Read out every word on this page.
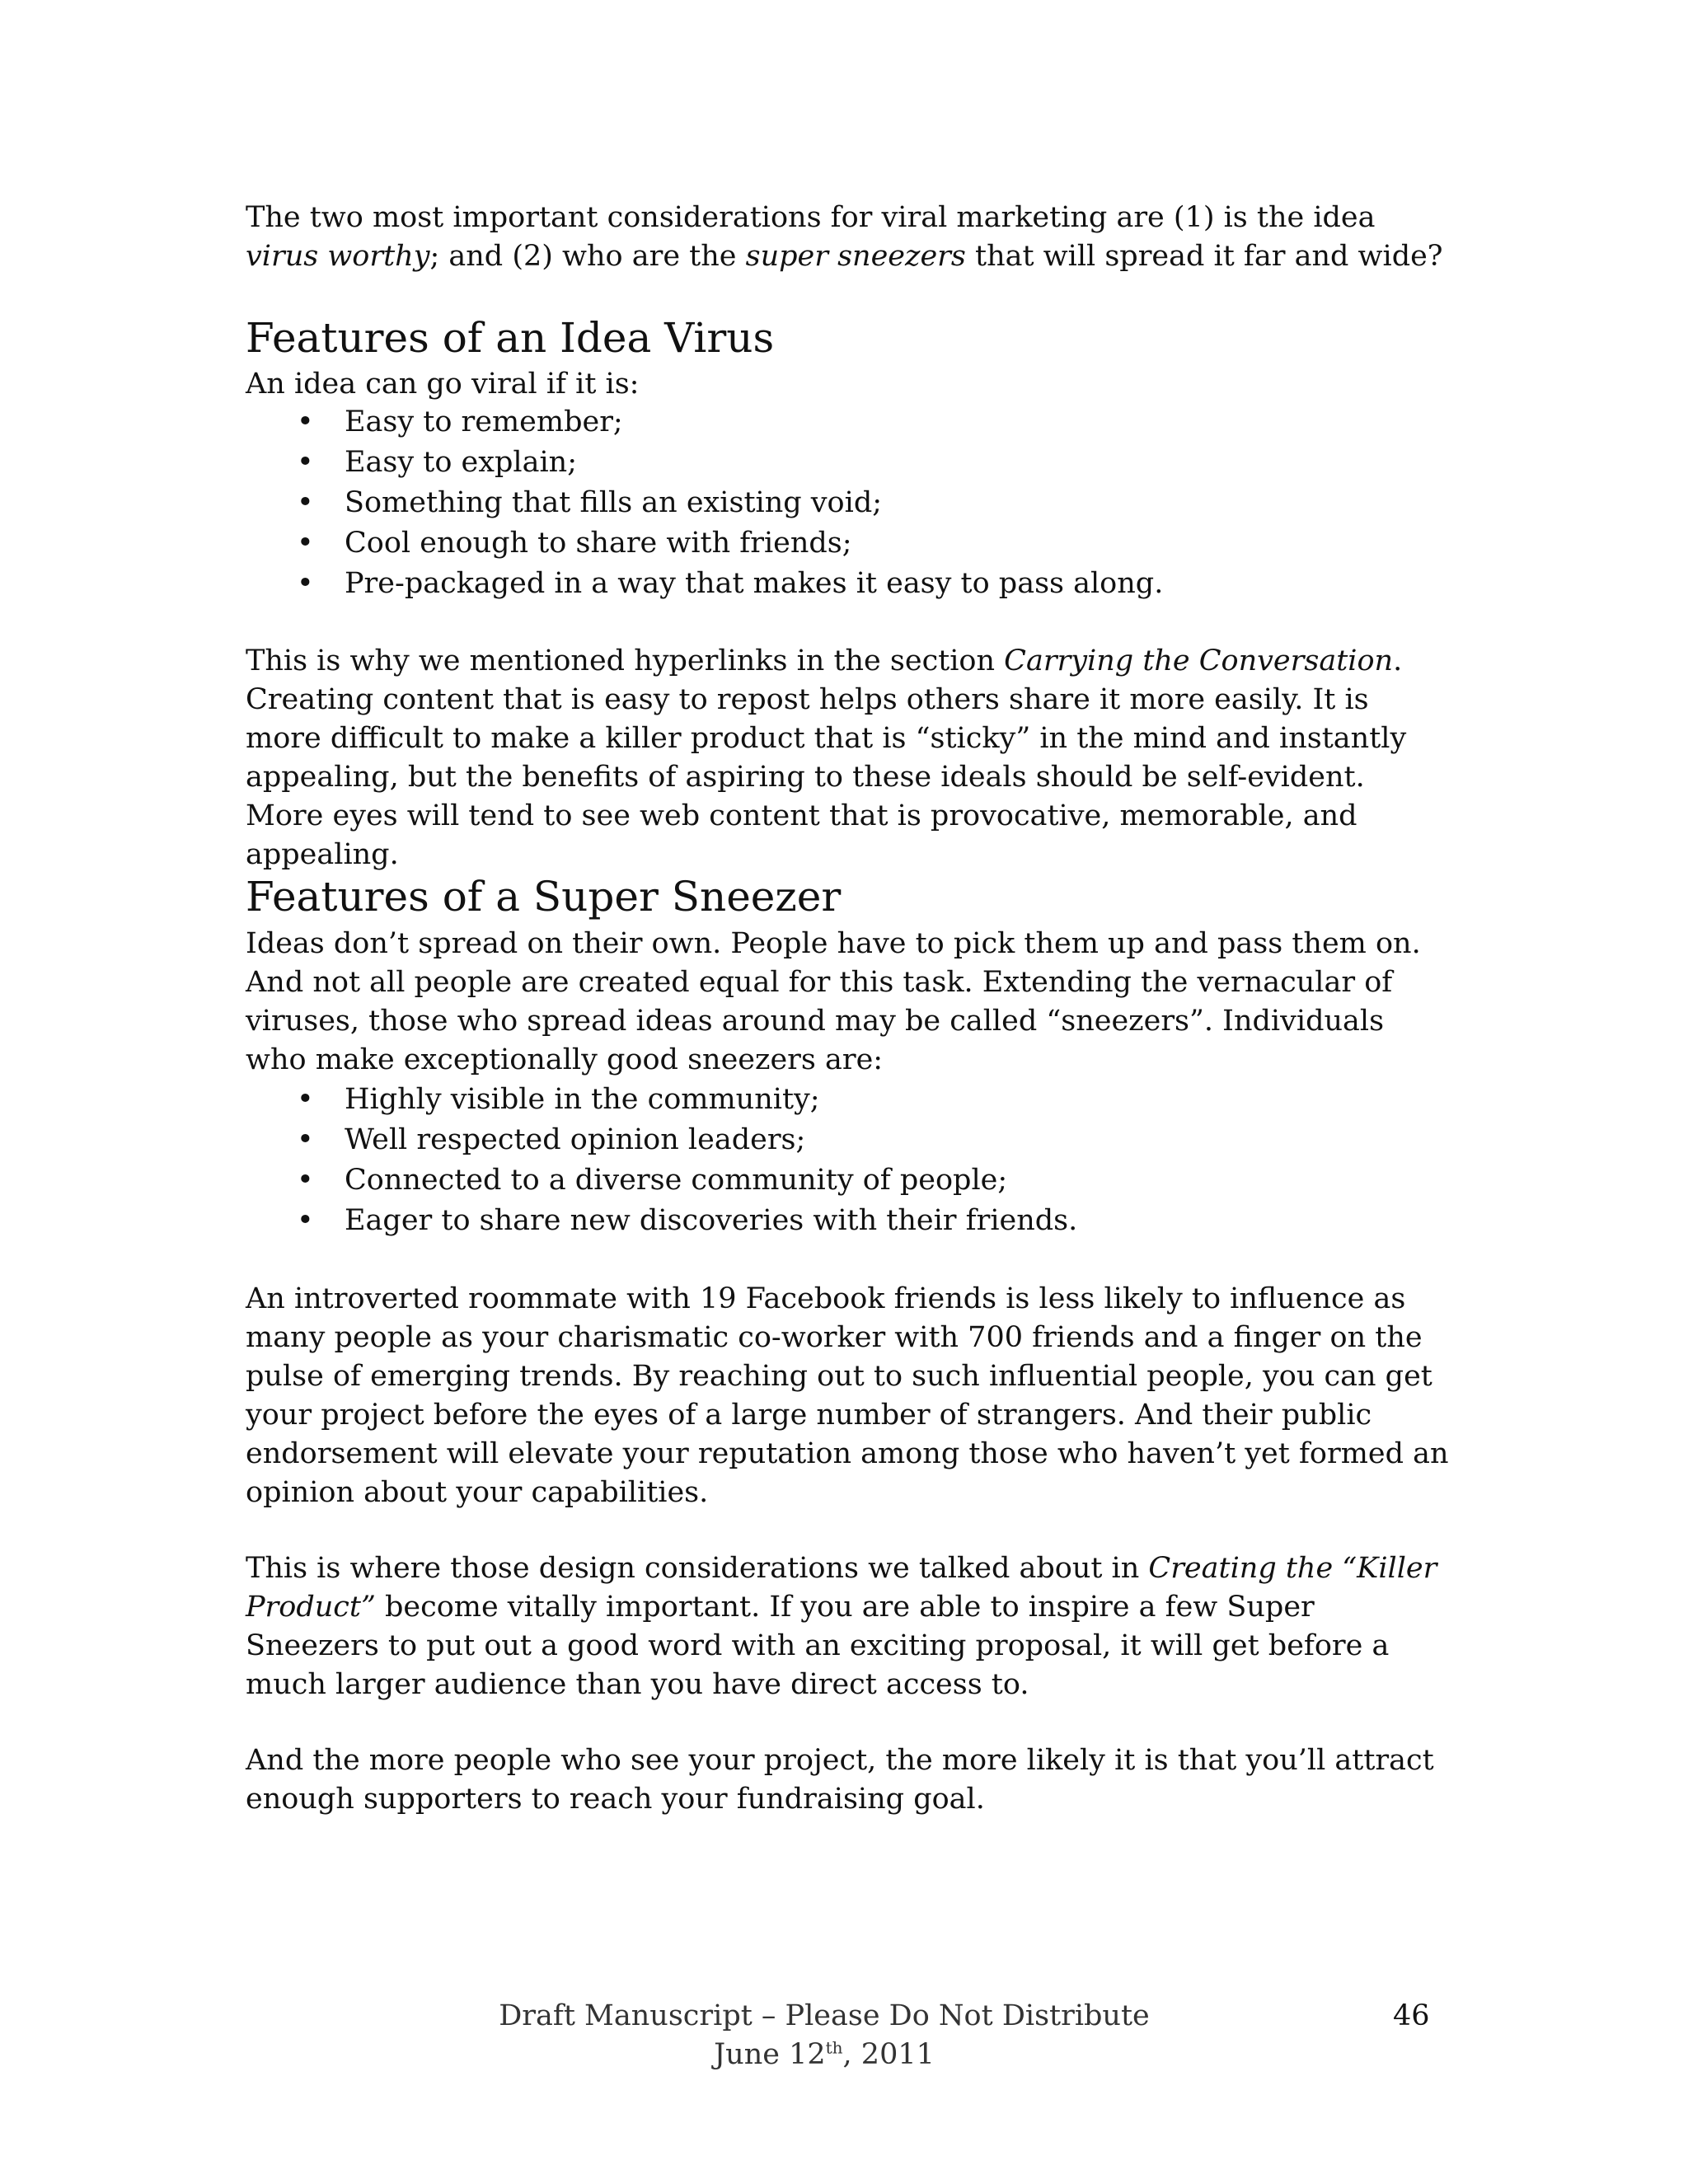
The two most important considerations for viral marketing are (1) is the idea virus worthy; and (2) who are the super sneezers that will spread it far and wide?

Features of an Idea Virus

An idea can go viral if it is:

• Easy to remember;
• Easy to explain;
• Something that fills an existing void;
• Cool enough to share with friends;
• Pre-packaged in a way that makes it easy to pass along.

This is why we mentioned hyperlinks in the section Carrying the Conversation. Creating content that is easy to repost helps others share it more easily. It is more difficult to make a killer product that is “sticky” in the mind and instantly appealing, but the benefits of aspiring to these ideals should be self-evident. More eyes will tend to see web content that is provocative, memorable, and appealing.

Features of a Super Sneezer

Ideas don’t spread on their own. People have to pick them up and pass them on. And not all people are created equal for this task. Extending the vernacular of viruses, those who spread ideas around may be called “sneezers”. Individuals who make exceptionally good sneezers are:

• Highly visible in the community;
• Well respected opinion leaders;
• Connected to a diverse community of people;
• Eager to share new discoveries with their friends.

An introverted roommate with 19 Facebook friends is less likely to influence as many people as your charismatic co-worker with 700 friends and a finger on the pulse of emerging trends. By reaching out to such influential people, you can get your project before the eyes of a large number of strangers. And their public endorsement will elevate your reputation among those who haven’t yet formed an opinion about your capabilities.

This is where those design considerations we talked about in Creating the “Killer Product” become vitally important. If you are able to inspire a few Super Sneezers to put out a good word with an exciting proposal, it will get before a much larger audience than you have direct access to.

And the more people who see your project, the more likely it is that you’ll attract enough supporters to reach your fundraising goal.

Draft Manuscript – Please Do Not Distribute
June 12th, 2011
46
